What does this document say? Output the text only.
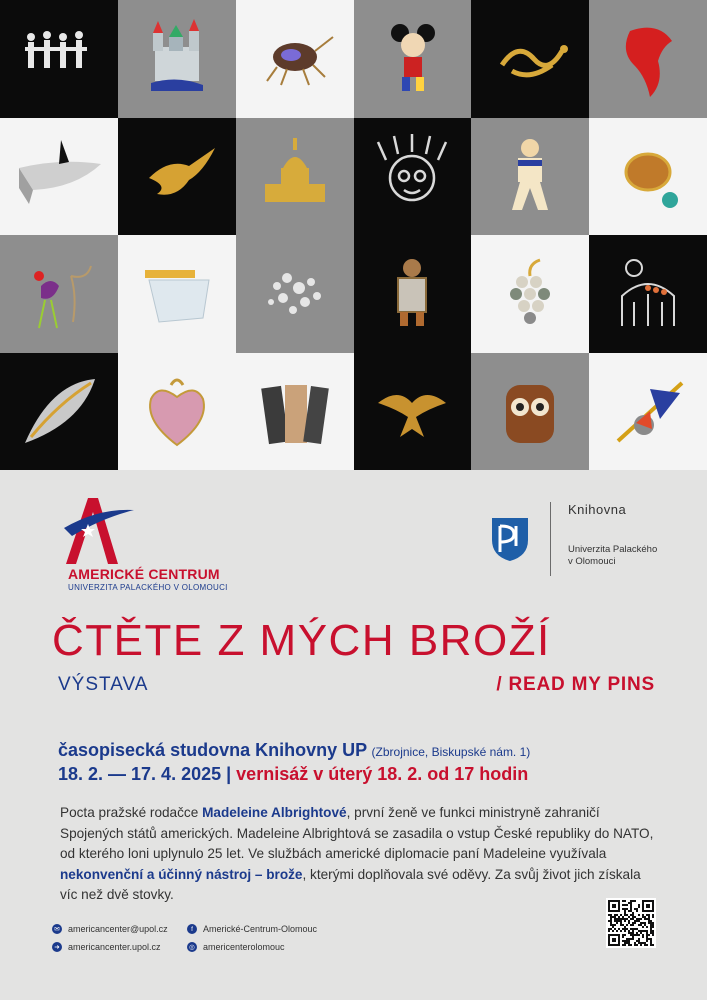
AMERICKÉ CENTRUM
UNIVERZITA PALACKÉHO V OLOMOUCI
Knihovna
Univerzita Palackého
v Olomouci
ČTĚTE Z MÝCH BROŽÍ
VÝSTAVA	/ READ MY PINS
časopisecká studovna Knihovny UP (Zbrojnice, Biskupské nám. 1)
18. 2. — 17. 4. 2025 | vernisáž v úterý 18. 2. od 17 hodin

Pocta pražské rodačce Madeleine Albrightové, první ženě ve funkci ministryně zahraničí Spojených států amerických. Madeleine Albrightová se zasadila o vstup České republiky do NATO, od kterého loni uplynulo 25 let. Ve službách americké diplomacie paní Madeleine využívala nekonvenční a účinný nástroj – brože, kterými doplňovala své oděvy. Za svůj život jich získala víc než dvě stovky.

✉ americancenter@upol.cz
➜ americancenter.upol.cz
f	Americké-Centrum-Olomouc
◎ americenterolomouc
